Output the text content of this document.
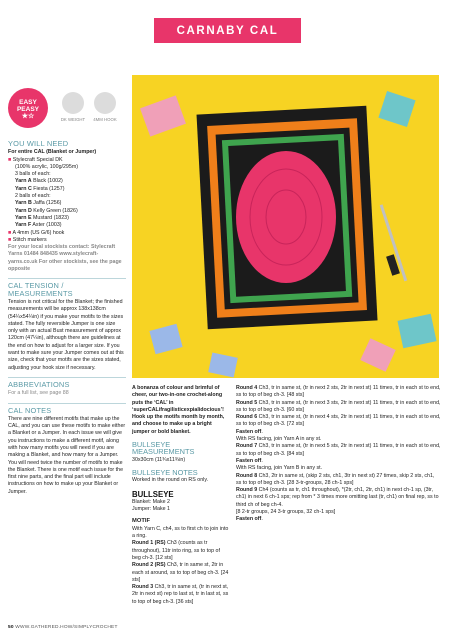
CARNABY CAL
EASY
PEASY
★☆	DK WEIGHT	4MM HOOK
YOU WILL NEED

For entire CAL (Blanket or Jumper)

■ Stylecraft Special DK

(100% acrylic, 100g/295m)

3 balls of each:

Yarn A Black (1002)

Yarn C Fiesta (1257)

2 balls of each:

Yarn B Jaffa (1256)

Yarn D Kelly Green (1826)

Yarn E Mustard (1823)

Yarn F Aster (1003)

■ A 4mm (US G/6) hook

■ Stitch markers

For your local stockists contact: Stylecraft Yarns 01484 848435 www.stylecraft-yarns.co.uk For other stockists, see the page opposite

CAL TENSION / MEASUREMENTS

Tension is not critical for the Blanket; the finished measurements will be approx 138x138cm (54¼x54¼in) if you make your motifs to the sizes stated. The fully reversible Jumper is one size only with an actual Bust measurement of approx 120cm (47¼in), although there are guidelines at the end on how to adjust for a larger size. If you want to make sure your Jumper comes out at this size, check that your motifs are the sizes stated, adjusting your hook size if necessary.

ABBREVIATIONS

For a full list, see page 88

CAL NOTES

There are nine different motifs that make up the CAL, and you can use these motifs to make either a Blanket or a Jumper. In each issue we will give you instructions to make a different motif, along with how many motifs you will need if you are making a Blanket, and how many for a Jumper. You will need twice the number of motifs to make the Blanket. There is one motif each issue for the first nine parts, and the final part will include instructions on how to make up your Blanket or Jumper.

A bonanza of colour and brimful of cheer, our two-in-one crochet-along puts the ‘CAL’ in ‘superCALifragilisticexpialidocious’! Hook up the motifs month by month, and choose to make up a bright jumper or bold blanket.

BULLSEYE MEASUREMENTS

30x30cm (11¾x11¾in)

BULLSEYE NOTES

Worked in the round on RS only.

BULLSEYE

Blanket: Make 2

Jumper: Make 1

MOTIF

With Yarn C, ch4, ss to first ch to join into a ring.

Round 1 (RS) Ch3 (counts as tr throughout), 11tr into ring, ss to top of beg ch-3. [12 sts]

Round 2 (RS) Ch3, tr in same st, 2tr in each st around, ss to top of beg ch-3. [24 sts]

Round 3 Ch3, tr in same st, (tr in next st, 2tr in next st) rep to last st, tr in last st, ss to top of beg ch-3. [36 sts]

Round 4 Ch3, tr in same st, (tr in next 2 sts, 2tr in next st) 11 times, tr in each st to end, ss to top of beg ch-3. [48 sts]

Round 5 Ch3, tr in same st, (tr in next 3 sts, 2tr in next st) 11 times, tr in each st to end, ss to top of beg ch-3. [60 sts]

Round 6 Ch3, tr in same st, (tr in next 4 sts, 2tr in next st) 11 times, tr in each st to end, ss to top of beg ch-3. [72 sts]

Fasten off.

With RS facing, join Yarn A in any st.

Round 7 Ch3, tr in same st, (tr in next 5 sts, 2tr in next st) 11 times, tr in each st to end, ss to top of beg ch-3. [84 sts]

Fasten off.

With RS facing, join Yarn B in any st.

Round 8 Ch3, 2tr in same st, (skip 2 sts, ch1, 3tr in next st) 27 times, skip 2 sts, ch1, ss to top of beg ch-3. [28 3-tr-groups, 28 ch-1 sps]

Round 9 Ch4 (counts as tr, ch1 throughout), *(2tr, ch1, 2tr, ch1) in next ch-1 sp, (3tr, ch1) in next 6 ch-1 sps; rep from * 3 times more omitting last (tr, ch1) on final rep, ss to third ch of beg ch-4.

[8 2-tr groups, 24 3-tr groups, 32 ch-1 sps]

Fasten off.

50 WWW.GATHERED.HOW/SIMPLYCROCHET
